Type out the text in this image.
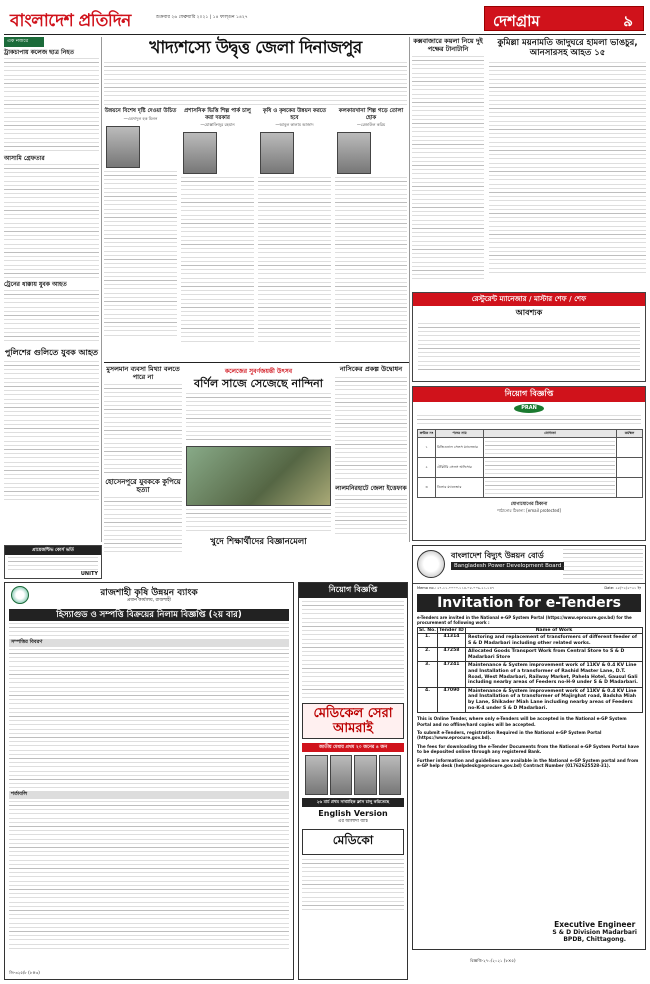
বাংলাদেশ প্রতিদিন	শুক্রবার ২৬ ফেব্রুয়ারি ২০২১ | ১৪ ফাল্গুন ১৪২৭	দেশগ্রাম	৯
এক নজরে
ট্রাকচাপায় কলেজ ছাত্র নিহত
আসামি গ্রেফতার
ট্রেনের ধাক্কায় যুবক আহত
পুলিশের গুলিতে যুবক আহত
খাদ্যশস্যে উদ্বৃত্ত জেলা দিনাজপুর
উন্নয়নে বিশেষ দৃষ্টি দেওয়া উচিত
—এমদাদুল হক মিলন
প্রশাসনিক ভিত্তি শিল্প পার্ক চালু করা দরকার
—মোস্তাফিজুর রহমান
কৃষি ও কৃষকের উন্নয়ন করতে হবে
—আবুল কালাম আজাদ
কলকারখানা শিল্প গড়ে তোলা হোক
—রেজাউল করিম
কক্সবাজারে কয়লা নিয়ে দুই পক্ষের টানাটানি
কুমিল্লা ময়নামতি জাদুঘরে হামলা ভাঙচুর, আনসারসহ আহত ১৫
রেস্টুরেন্ট ম্যানেজার / মাস্টার শেফ / শেফ
আবশ্যক
নিয়োগ বিজ্ঞপ্তি
PRAN
ক্রমিক নং	পদের নাম	যোগ্যতা	কর্মস্থল
১	রিজিওনাল সেলস ম্যানেজার	

২	টেরিটরি সেলস অফিসার	

৩	ডিলার ম্যানেজার	

যোগাযোগের ঠিকানা
পাঠানোর ঠিকানা: [email protected]
মুসলমান ব্যবসা মিথ্যা বলতে পারে না
হোসেনপুরে যুবককে কুপিয়ে হত্যা
কলেজের সুবর্ণজয়ন্তী উৎসব
বর্ণিল সাজে সেজেছে নান্দিনা
খুদে শিক্ষার্থীদের বিজ্ঞানমেলা
নাসিকের প্রকল্প উদ্বোধন
লালমনিরহাটে জেলা ইত্তেফাক
প্রায়েজন্টিভ কোর্স ভর্তি
UNITY
বাংলাদেশ বিদ্যুৎ উন্নয়ন বোর্ড
Bangladesh Power Development Board
Memo no.: ২৭.১১.০০০০.১১৪.০৫.০০৬.২১-১৪৭	Date: ২৫/০২/২০২১ ইং
Invitation for e-Tenders
e-Tenders are invited in the National e-GP System Portal (https://www.eprocure.gov.bd) for the procurement of following work :
Sl. No.	Tender ID	Name of Work
1.	41314	Restoring and replacement of transformers of different feeder of S & D Madarbari including other related works.
2.	47258	Allocated Goods Transport Work from Central Store to S & D Madarbari Store
3.	47241	Maintenance & System improvement work of 11KV & 0.4 KV Line and Installation of a transformer of Rashid Master Lane, D.T. Road, West Madarbari, Railway Market, Pahela Hotel, Gausul Gali including nearby areas of Feeders no-H-9 under S & D Madarbari.
4.	47090	Maintenance & System improvement work of 11KV & 0.4 KV Line and Installation of a transformer of Majirghat road, Badsha Miah by Lane, Shikader Miah Lane including nearby areas of Feeders no-K-4 under S & D Madarbari.
This is Online Tender, where only e-Tenders will be accepted in the National e-GP System Portal and no offline/hard copies will be accepted.
To submit e-Tenders, registration Required in the National e-GP System Portal (https://www.eprocure.gov.bd).
The fees for downloading the e-Tender Documents from the National e-GP System Portal have to be deposited online through any registered Bank.
Further information and guidelines are available in the National e-GP System portal and from e-GP help desk (helpdesk@eprocure.gov.bd) Contract Number (01762625528-31).
Executive Engineer
S & D Division Madarbari
BPDB, Chittagong.
রাজশাহী কৃষি উন্নয়ন ব্যাংক
প্রধান কার্যালয়, রাজশাহী
হিস্যাগুড ও সম্পত্তি বিক্রয়ের নিলাম বিজ্ঞপ্তি (২য় বার)
সম্পত্তির বিবরণ
শর্তাবলি
জি-৩২৫/৮ (৮×৩)
নিয়োগ বিজ্ঞপ্তি
মেডিকেল সেরা আমরাই
জাতীয় মেধায় প্রথম ২০ জনের ৪ জন
২৬ মার্চ প্রথম সাপ্তাহিক ক্লাস চালু করিতেছে
English Version
এর আলাদা ব্যাচ
মেডিকো
বিজ্ঞপ্তি-২৭০/২০২১ (৮×৫)
